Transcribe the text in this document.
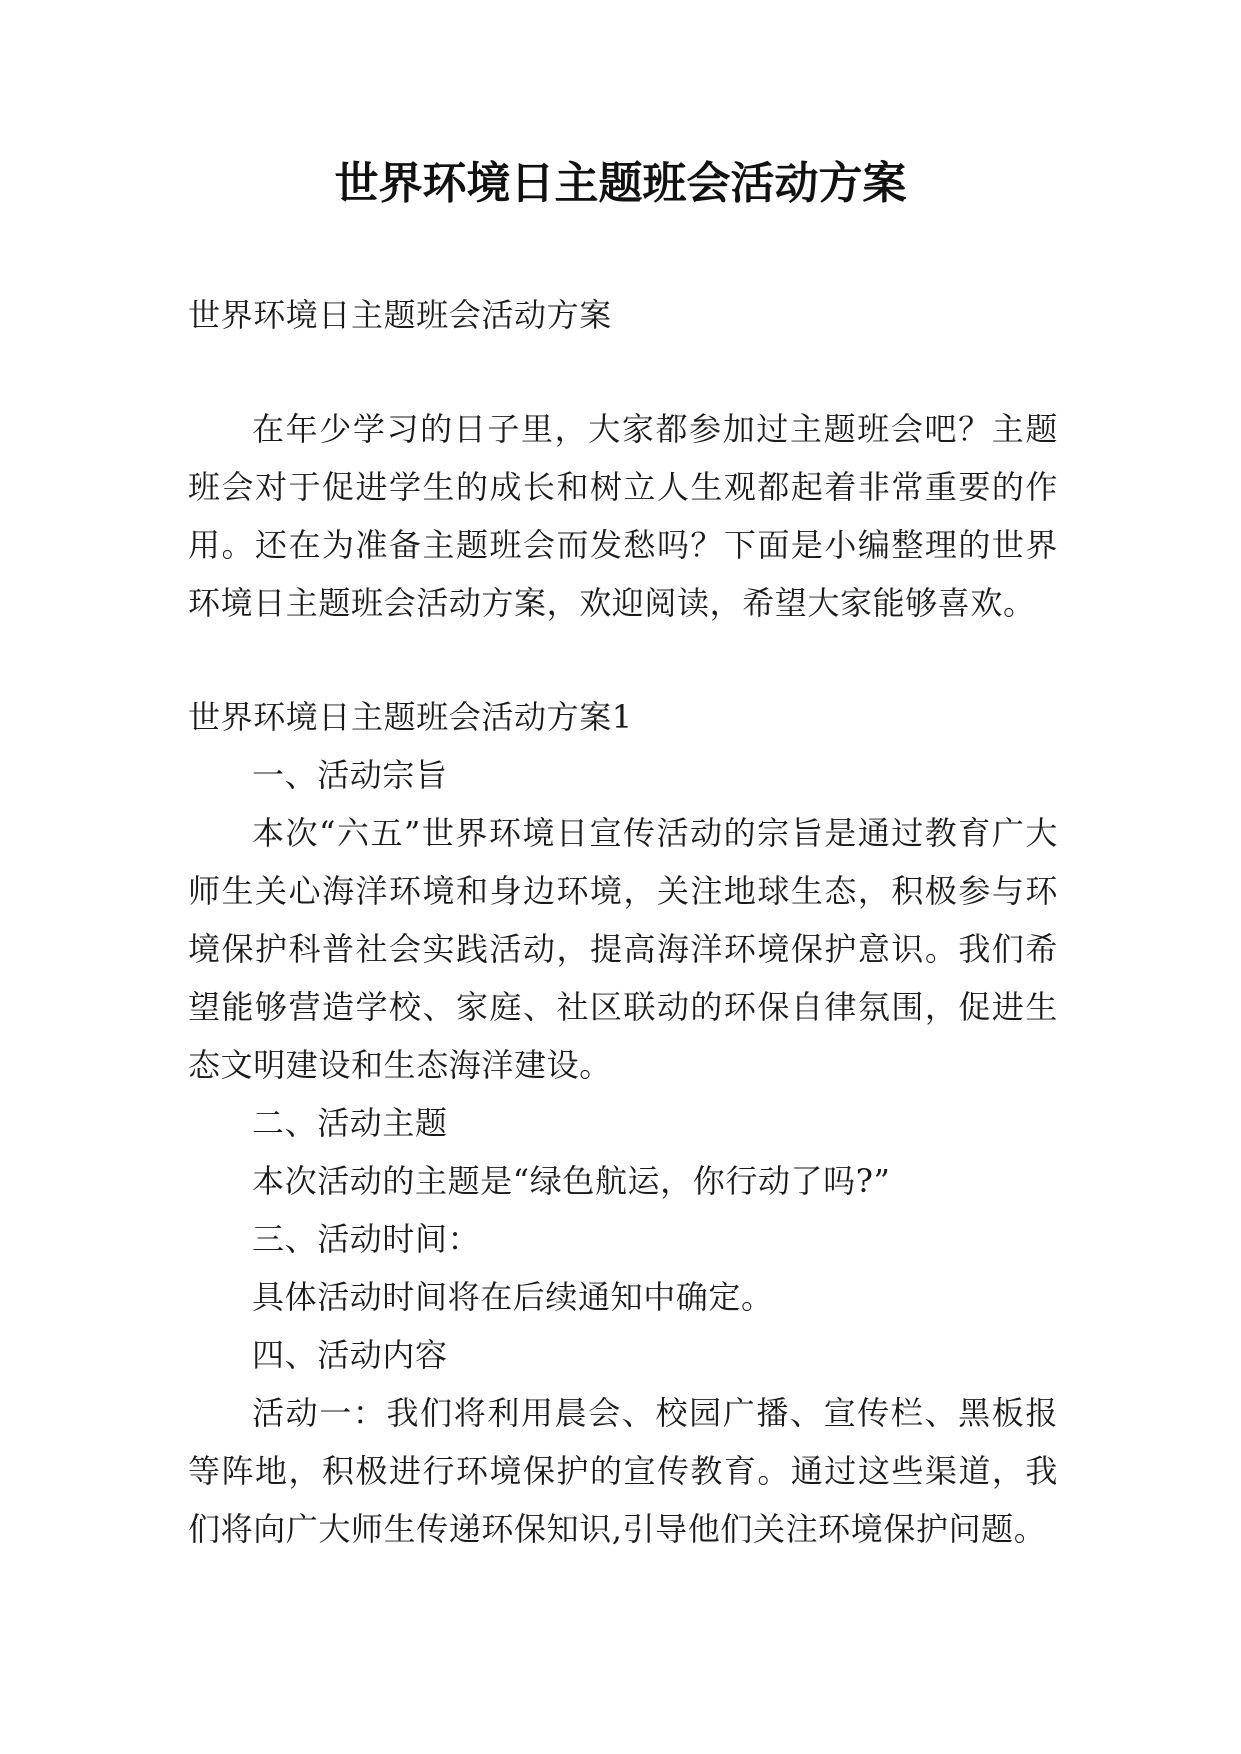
世界环境日主题班会活动方案

世界环境日主题班会活动方案

在年少学习的日子里，大家都参加过主题班会吧？主题班会对于促进学生的成长和树立人生观都起着非常重要的作用。还在为准备主题班会而发愁吗？下面是小编整理的世界环境日主题班会活动方案，欢迎阅读，希望大家能够喜欢。

世界环境日主题班会活动方案1

一、活动宗旨

本次“六五”世界环境日宣传活动的宗旨是通过教育广大师生关心海洋环境和身边环境，关注地球生态，积极参与环境保护科普社会实践活动，提高海洋环境保护意识。我们希望能够营造学校、家庭、社区联动的环保自律氛围，促进生态文明建设和生态海洋建设。

二、活动主题

本次活动的主题是“绿色航运，你行动了吗?”

三、活动时间：

具体活动时间将在后续通知中确定。

四、活动内容

活动一：我们将利用晨会、校园广播、宣传栏、黑板报等阵地，积极进行环境保护的宣传教育。通过这些渠道，我们将向广大师生传递环保知识,引导他们关注环境保护问题。
